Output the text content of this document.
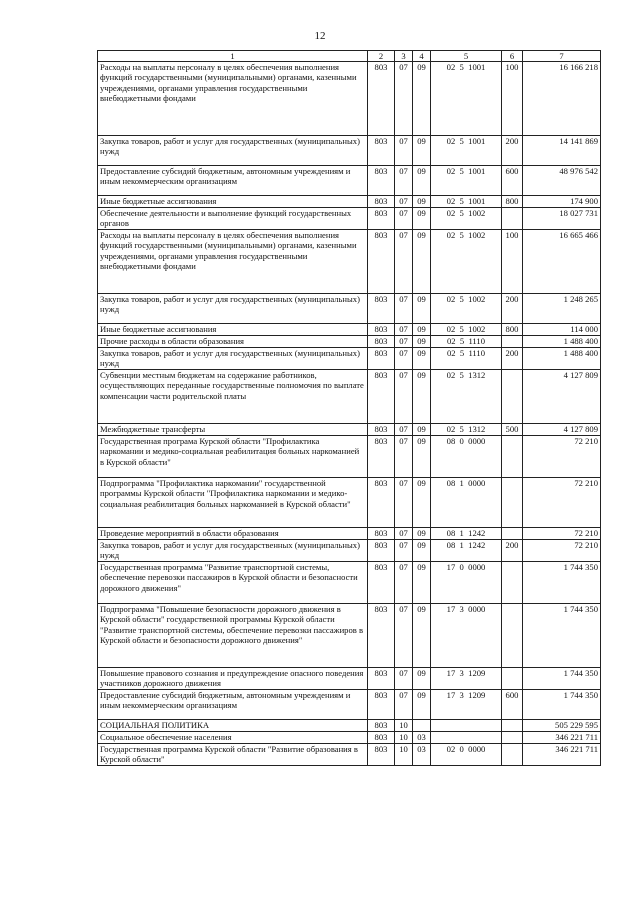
12
1	2	3	4	5	6	7
Расходы на выплаты персоналу в целях обеспечения выполнения функций государственными (муниципальными) органами, казенными учреждениями, органами управления государственными внебюджетными фондами	803	07	09	02  5  1001	100	16 166 218
Закупка товаров, работ и услуг для государственных (муниципальных) нужд	803	07	09	02  5  1001	200	14 141 869
Предоставление субсидий бюджетным, автономным учреждениям и иным некоммерческим организациям	803	07	09	02  5  1001	600	48 976 542
Иные бюджетные ассигнования	803	07	09	02  5  1001	800	174 900
Обеспечение деятельности и выполнение функций государственных органов	803	07	09	02  5  1002		18 027 731
Расходы на выплаты персоналу в целях обеспечения выполнения функций государственными (муниципальными) органами, казенными учреждениями, органами управления государственными внебюджетными фондами	803	07	09	02  5  1002	100	16 665 466
Закупка товаров, работ и услуг для государственных (муниципальных) нужд	803	07	09	02  5  1002	200	1 248 265
Иные бюджетные ассигнования	803	07	09	02  5  1002	800	114 000
Прочие расходы в области образования	803	07	09	02  5  1110		1 488 400
Закупка товаров, работ и услуг для государственных (муниципальных) нужд	803	07	09	02  5  1110	200	1 488 400
Субвенции местным бюджетам на содержание работников, осуществляющих переданные государственные полномочия по выплате компенсации части родительской платы	803	07	09	02  5  1312		4 127 809
Межбюджетные трансферты	803	07	09	02  5  1312	500	4 127 809
Государственная програма Курской области "Профилактика наркомании и медико-социальная реабилитация больных наркоманией в Курской области"	803	07	09	08  0  0000		72 210
Подпрограмма "Профилактика наркомании" государственной программы Курской области "Профилактика наркомании и медико-социальная реабилитация больных наркоманией в Курской области"	803	07	09	08  1  0000		72 210
Проведение мероприятий в области образования	803	07	09	08  1  1242		72 210
Закупка товаров, работ и услуг для государственных (муниципальных) нужд	803	07	09	08  1  1242	200	72 210
Государственная программа "Развитие транспортной системы, обеспечение перевозки пассажиров в Курской области и безопасности дорожного движения"	803	07	09	17  0  0000		1 744 350
Подпрограмма "Повышение безопасности дорожного движения в Курской области" государственной программы Курской области "Развитие транспортной системы, обеспечение перевозки пассажиров в Курской области и безопасности дорожного движения"	803	07	09	17  3  0000		1 744 350
Повышение правового сознания и предупреждение опасного поведения участников дорожного движения	803	07	09	17  3  1209		1 744 350
Предоставление субсидий бюджетным, автономным учреждениям и иным некоммерческим организациям	803	07	09	17  3  1209	600	1 744 350
СОЦИАЛЬНАЯ ПОЛИТИКА	803	10				505 229 595
Социальное обеспечение населения	803	10	03			346 221 711
Государственная программа Курской области "Развитие образования в Курской области"	803	10	03	02  0  0000		346 221 711
